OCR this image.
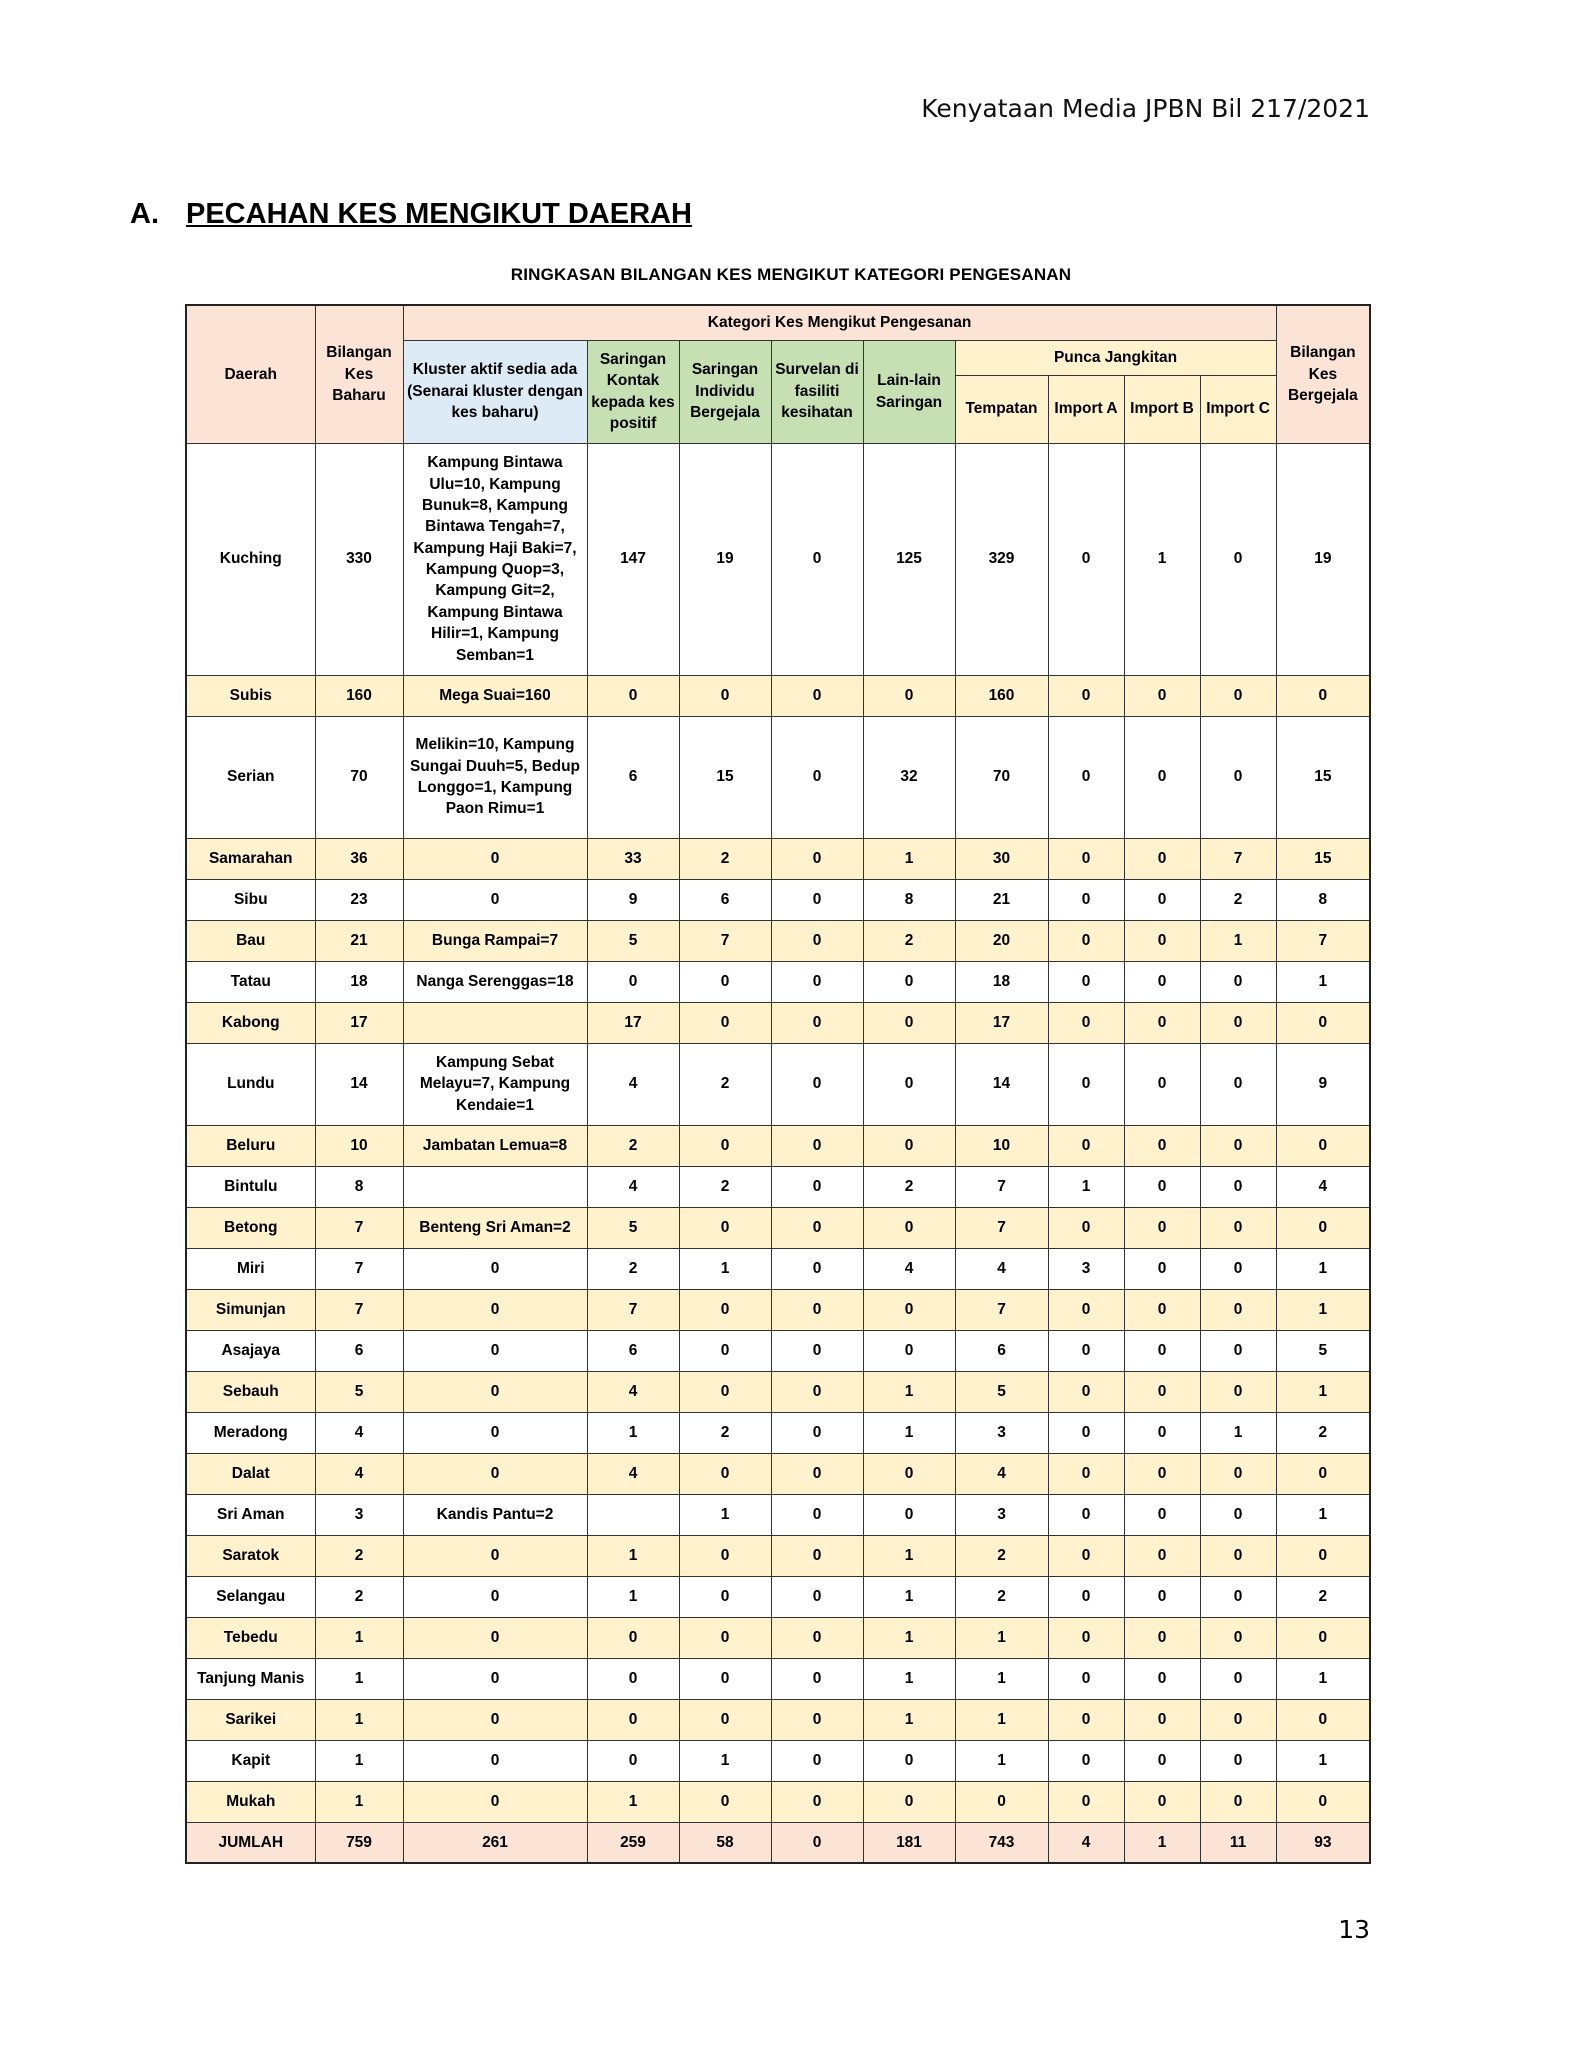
Kenyataan Media JPBN Bil 217/2021
A. PECAHAN KES MENGIKUT DAERAH
RINGKASAN BILANGAN KES MENGIKUT KATEGORI PENGESANAN
Daerah	Bilangan Kes Baharu	Kategori Kes Mengikut Pengesanan									Bilangan Kes Bergejala
		Kluster aktif sedia ada (Senarai kluster dengan kes baharu)	Saringan Kontak kepada kes positif	Saringan Individu Bergejala	Survelan di fasiliti kesihatan	Lain-lain Saringan	Punca Jangkitan				
							Tempatan	Import A	Import B	Import C	
Kuching	330	Kampung Bintawa Ulu=10, Kampung Bunuk=8, Kampung Bintawa Tengah=7, Kampung Haji Baki=7, Kampung Quop=3, Kampung Git=2, Kampung Bintawa Hilir=1, Kampung Semban=1	147	19	0	125	329	0	1	0	19
Subis	160	Mega Suai=160	0	0	0	0	160	0	0	0	0
Serian	70	Melikin=10, Kampung Sungai Duuh=5, Bedup Longgo=1, Kampung Paon Rimu=1	6	15	0	32	70	0	0	0	15
Samarahan	36	0	33	2	0	1	30	0	0	7	15
Sibu	23	0	9	6	0	8	21	0	0	2	8
Bau	21	Bunga Rampai=7	5	7	0	2	20	0	0	1	7
Tatau	18	Nanga Serenggas=18	0	0	0	0	18	0	0	0	1
Kabong	17		17	0	0	0	17	0	0	0	0
Lundu	14	Kampung Sebat Melayu=7, Kampung Kendaie=1	4	2	0	0	14	0	0	0	9
Beluru	10	Jambatan Lemua=8	2	0	0	0	10	0	0	0	0
Bintulu	8		4	2	0	2	7	1	0	0	4
Betong	7	Benteng Sri Aman=2	5	0	0	0	7	0	0	0	0
Miri	7	0	2	1	0	4	4	3	0	0	1
Simunjan	7	0	7	0	0	0	7	0	0	0	1
Asajaya	6	0	6	0	0	0	6	0	0	0	5
Sebauh	5	0	4	0	0	1	5	0	0	0	1
Meradong	4	0	1	2	0	1	3	0	0	1	2
Dalat	4	0	4	0	0	0	4	0	0	0	0
Sri Aman	3	Kandis Pantu=2		1	0	0	3	0	0	0	1
Saratok	2	0	1	0	0	1	2	0	0	0	0
Selangau	2	0	1	0	0	1	2	0	0	0	2
Tebedu	1	0	0	0	0	1	1	0	0	0	0
Tanjung Manis	1	0	0	0	0	1	1	0	0	0	1
Sarikei	1	0	0	0	0	1	1	0	0	0	0
Kapit	1	0	0	1	0	0	1	0	0	0	1
Mukah	1	0	1	0	0	0	0	0	0	0	0
JUMLAH	759	261	259	58	0	181	743	4	1	11	93
13
